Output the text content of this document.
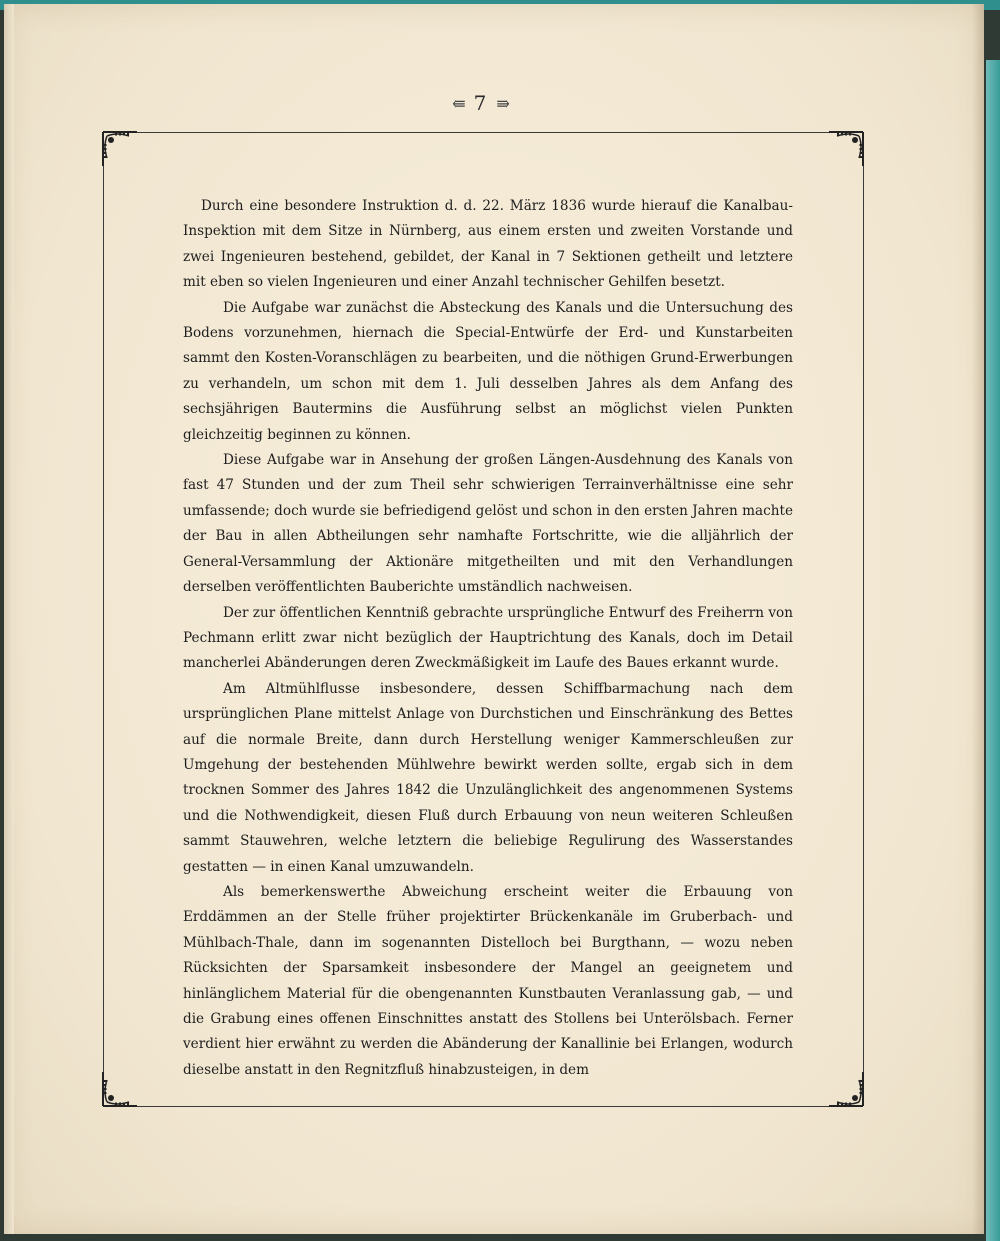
⇚ 7 ⇛

Durch eine besondere Instruktion d. d. 22. März 1836 wurde hierauf die Kanalbau-Inspektion mit dem Sitze in Nürnberg, aus einem ersten und zweiten Vorstande und zwei Ingenieuren bestehend, gebildet, der Kanal in 7 Sektionen getheilt und letztere mit eben so vielen Ingenieuren und einer Anzahl technischer Gehilfen besetzt.

Die Aufgabe war zunächst die Absteckung des Kanals und die Untersuchung des Bodens vorzunehmen, hiernach die Special-Entwürfe der Erd- und Kunstarbeiten sammt den Kosten-Voranschlägen zu bearbeiten, und die nöthigen Grund-Erwerbungen zu verhandeln, um schon mit dem 1. Juli desselben Jahres als dem Anfang des sechsjährigen Bautermins die Ausführung selbst an möglichst vielen Punkten gleichzeitig beginnen zu können.

Diese Aufgabe war in Ansehung der großen Längen-Ausdehnung des Kanals von fast 47 Stunden und der zum Theil sehr schwierigen Terrainverhältnisse eine sehr umfassende; doch wurde sie befriedigend gelöst und schon in den ersten Jahren machte der Bau in allen Abtheilungen sehr namhafte Fortschritte, wie die alljährlich der General-Versammlung der Aktionäre mitgetheilten und mit den Verhandlungen derselben veröffentlichten Bauberichte umständlich nachweisen.

Der zur öffentlichen Kenntniß gebrachte ursprüngliche Entwurf des Freiherrn von Pechmann erlitt zwar nicht bezüglich der Hauptrichtung des Kanals, doch im Detail mancherlei Abänderungen deren Zweckmäßigkeit im Laufe des Baues erkannt wurde.

Am Altmühlflusse insbesondere, dessen Schiffbarmachung nach dem ursprünglichen Plane mittelst Anlage von Durchstichen und Einschränkung des Bettes auf die normale Breite, dann durch Herstellung weniger Kammerschleußen zur Umgehung der bestehenden Mühlwehre bewirkt werden sollte, ergab sich in dem trocknen Sommer des Jahres 1842 die Unzulänglichkeit des angenommenen Systems und die Nothwendigkeit, diesen Fluß durch Erbauung von neun weiteren Schleußen sammt Stauwehren, welche letztern die beliebige Regulirung des Wasserstandes gestatten — in einen Kanal umzuwandeln.

Als bemerkenswerthe Abweichung erscheint weiter die Erbauung von Erddämmen an der Stelle früher projektirter Brückenkanäle im Gruberbach- und Mühlbach-Thale, dann im sogenannten Distelloch bei Burgthann, — wozu neben Rücksichten der Sparsamkeit insbesondere der Mangel an geeignetem und hinlänglichem Material für die obengenannten Kunstbauten Veranlassung gab, — und die Grabung eines offenen Einschnittes anstatt des Stollens bei Unterölsbach. Ferner verdient hier erwähnt zu werden die Abänderung der Kanallinie bei Erlangen, wodurch dieselbe anstatt in den Regnitzfluß hinabzusteigen, in dem
